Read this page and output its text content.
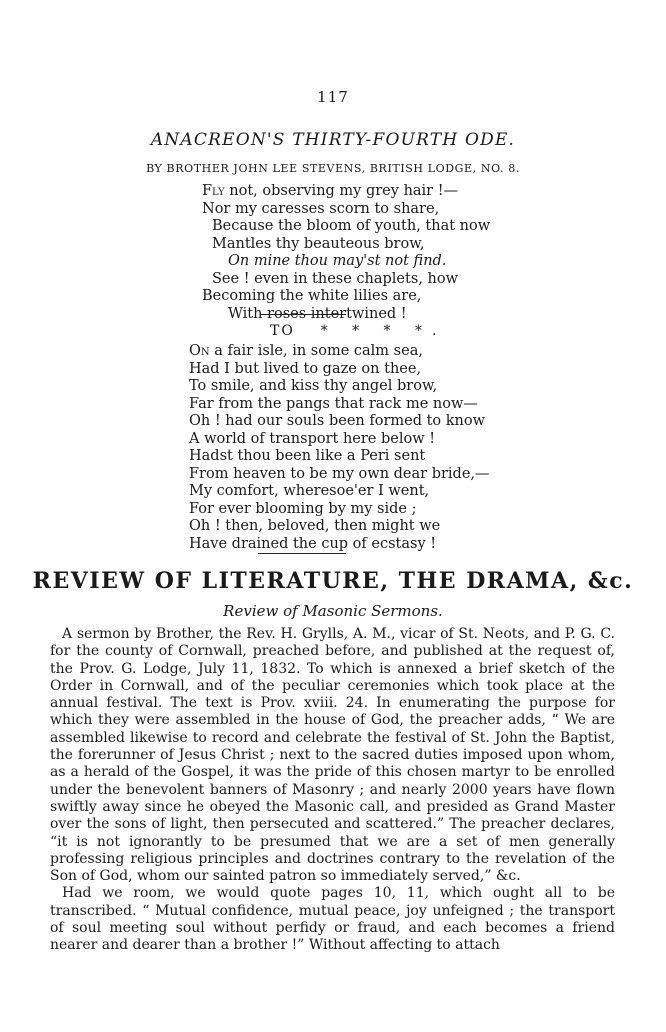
117
ANACREON'S THIRTY-FOURTH ODE.
BY BROTHER JOHN LEE STEVENS, BRITISH LODGE, NO. 8.
Fly not, observing my grey hair !—
Nor my caresses scorn to share,
Because the bloom of youth, that now
Mantles thy beauteous brow,
On mine thou may'st not find.
See ! even in these chaplets, how
Becoming the white lilies are,
With roses intertwined !
TO * * * *.
On a fair isle, in some calm sea,
Had I but lived to gaze on thee,
To smile, and kiss thy angel brow,
Far from the pangs that rack me now—
Oh ! had our souls been formed to know
A world of transport here below !
Hadst thou been like a Peri sent
From heaven to be my own dear bride,—
My comfort, wheresoe'er I went,
For ever blooming by my side ;
Oh ! then, beloved, then might we
Have drained the cup of ecstasy !
REVIEW OF LITERATURE, THE DRAMA, &c.
Review of Masonic Sermons.

A sermon by Brother, the Rev. H. Grylls, A. M., vicar of St. Neots, and P. G. C. for the county of Cornwall, preached before, and published at the request of, the Prov. G. Lodge, July 11, 1832. To which is annexed a brief sketch of the Order in Cornwall, and of the peculiar ceremonies which took place at the annual festival. The text is Prov. xviii. 24. In enumerating the purpose for which they were assembled in the house of God, the preacher adds, “ We are assembled likewise to record and celebrate the festival of St. John the Baptist, the forerunner of Jesus Christ ; next to the sacred duties imposed upon whom, as a herald of the Gospel, it was the pride of this chosen martyr to be enrolled under the benevolent banners of Masonry ; and nearly 2000 years have flown swiftly away since he obeyed the Masonic call, and presided as Grand Master over the sons of light, then persecuted and scattered.” The preacher declares, “it is not ignorantly to be presumed that we are a set of men generally professing religious principles and doctrines contrary to the revelation of the Son of God, whom our sainted patron so immediately served,” &c.

Had we room, we would quote pages 10, 11, which ought all to be transcribed. “ Mutual confidence, mutual peace, joy unfeigned ; the transport of soul meeting soul without perfidy or fraud, and each becomes a friend nearer and dearer than a brother !” Without affecting to attach
